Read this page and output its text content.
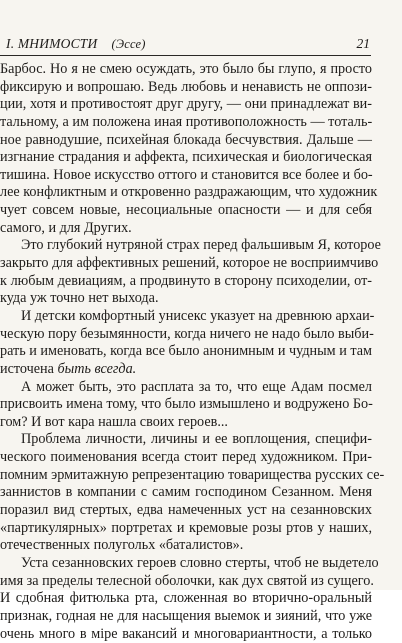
I. МНИМОСТИ (Эссе)	21
Барбос. Но я не смею осуждать, это было бы глупо, я просто
фиксирую и вопрошаю. Ведь любовь и ненависть не оппози-
ции, хотя и противостоят друг другу, — они принадлежат ви-
тальному, а им положена иная противоположность — тоталь-
ное равнодушие, психейная блокада бесчувствия. Дальше —
изгнание страдания и аффекта, психическая и биологическая
тишина. Новое искусство оттого и становится все более и бо-
лее конфликтным и откровенно раздражающим, что художник
чует совсем новые, несоциальные опасности — и для себя
самого, и для Других.
Это глубокий нутряной страх перед фальшивым Я, которое
закрыто для аффективных решений, которое не восприимчиво
к любым девиациям, а продвинуто в сторону психоделии, от-
куда уж точно нет выхода.
И детски комфортный унисекс указует на древнюю архаи-
ческую пору безымянности, когда ничего не надо было выби-
рать и именовать, когда все было анонимным и чудным и там
источена быть всегда.
А может быть, это расплата за то, что еще Адам посмел
присвоить имена тому, что было измышлено и водружено Бо-
гом? И вот кара нашла своих героев...
Проблема личности, личины и ее воплощения, специфи-
ческого поименования всегда стоит перед художником. При-
помним эрмитажную репрезентацию товарищества русских се-
заннистов в компании с самим господином Сезанном. Меня
поразил вид стертых, едва намеченных уст на сезанновских
«партикулярных» портретах и кремовые розы ртов у наших,
отечественных полугольх «баталистов».
Уста сезанновских героев словно стерты, чтоб не выдетело
имя за пределы телесной оболочки, как дух святой из сущего.
И сдобная фитюлька рта, сложенная во вторично-оральный
признак, годная не для насыщения выемок и зияний, что уже
очень много в міре вакансий и многовариантности, а только
